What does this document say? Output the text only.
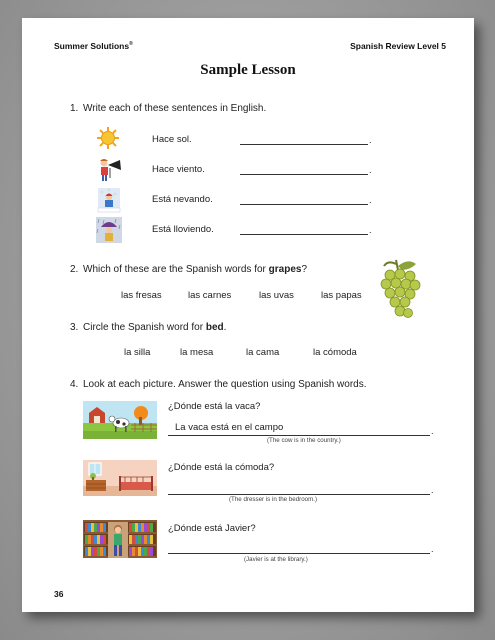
Summer Solutions®	Spanish Review Level 5
Sample Lesson
1. Write each of these sentences in English.
Hace sol.	.
Hace viento.	.
Está nevando.	.
Está lloviendo.	.
2. Which of these are the Spanish words for grapes?
las fresas	las carnes	las uvas	las papas
3. Circle the Spanish word for bed.
la silla	la mesa	la cama	la cómoda
4. Look at each picture. Answer the question using Spanish words.
¿Dónde está la vaca?
La vaca está en el campo	.
(The cow is in the country.)
¿Dónde está la cómoda?
.
(The dresser is in the bedroom.)
¿Dónde está Javier?
.
(Javier is at the library.)
36
